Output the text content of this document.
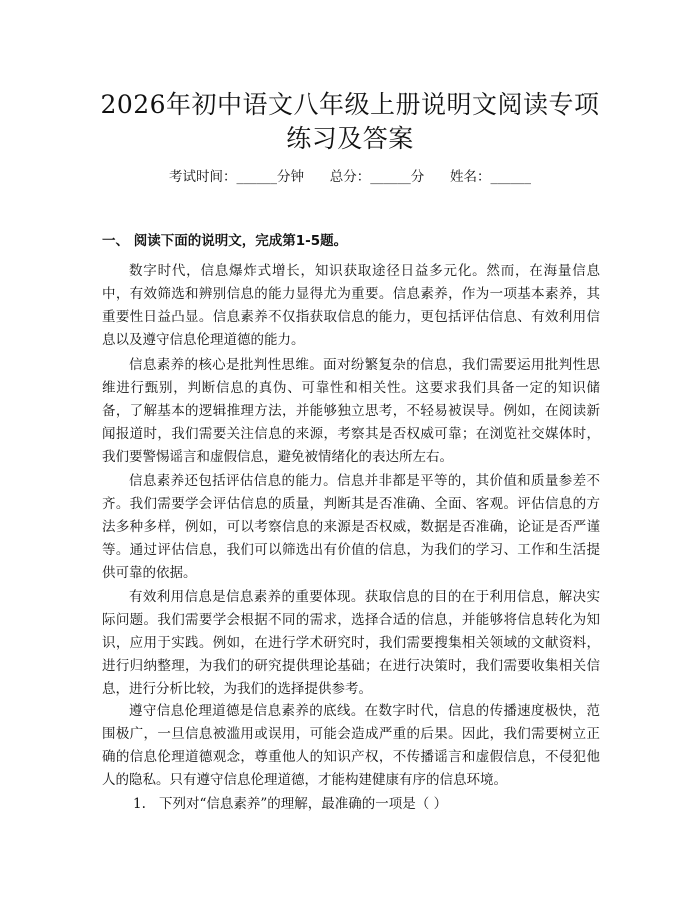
2026年初中语文八年级上册说明文阅读专项
练习及答案
考试时间：______分钟      总分：______分      姓名：______
一、 阅读下面的说明文，完成第1-5题。

数字时代，信息爆炸式增长，知识获取途径日益多元化。然而，在海量信息中，有效筛选和辨别信息的能力显得尤为重要。信息素养，作为一项基本素养，其重要性日益凸显。信息素养不仅指获取信息的能力，更包括评估信息、有效利用信息以及遵守信息伦理道德的能力。

信息素养的核心是批判性思维。面对纷繁复杂的信息，我们需要运用批判性思维进行甄别，判断信息的真伪、可靠性和相关性。这要求我们具备一定的知识储备，了解基本的逻辑推理方法，并能够独立思考，不轻易被误导。例如，在阅读新闻报道时，我们需要关注信息的来源，考察其是否权威可靠；在浏览社交媒体时，我们要警惕谣言和虚假信息，避免被情绪化的表达所左右。

信息素养还包括评估信息的能力。信息并非都是平等的，其价值和质量参差不齐。我们需要学会评估信息的质量，判断其是否准确、全面、客观。评估信息的方法多种多样，例如，可以考察信息的来源是否权威，数据是否准确，论证是否严谨等。通过评估信息，我们可以筛选出有价值的信息，为我们的学习、工作和生活提供可靠的依据。

有效利用信息是信息素养的重要体现。获取信息的目的在于利用信息，解决实际问题。我们需要学会根据不同的需求，选择合适的信息，并能够将信息转化为知识，应用于实践。例如，在进行学术研究时，我们需要搜集相关领域的文献资料，进行归纳整理，为我们的研究提供理论基础；在进行决策时，我们需要收集相关信息，进行分析比较，为我们的选择提供参考。

遵守信息伦理道德是信息素养的底线。在数字时代，信息的传播速度极快，范围极广，一旦信息被滥用或误用，可能会造成严重的后果。因此，我们需要树立正确的信息伦理道德观念，尊重他人的知识产权，不传播谣言和虚假信息，不侵犯他人的隐私。只有遵守信息伦理道德，才能构建健康有序的信息环境。

1. 下列对“信息素养”的理解，最准确的一项是（ ）
